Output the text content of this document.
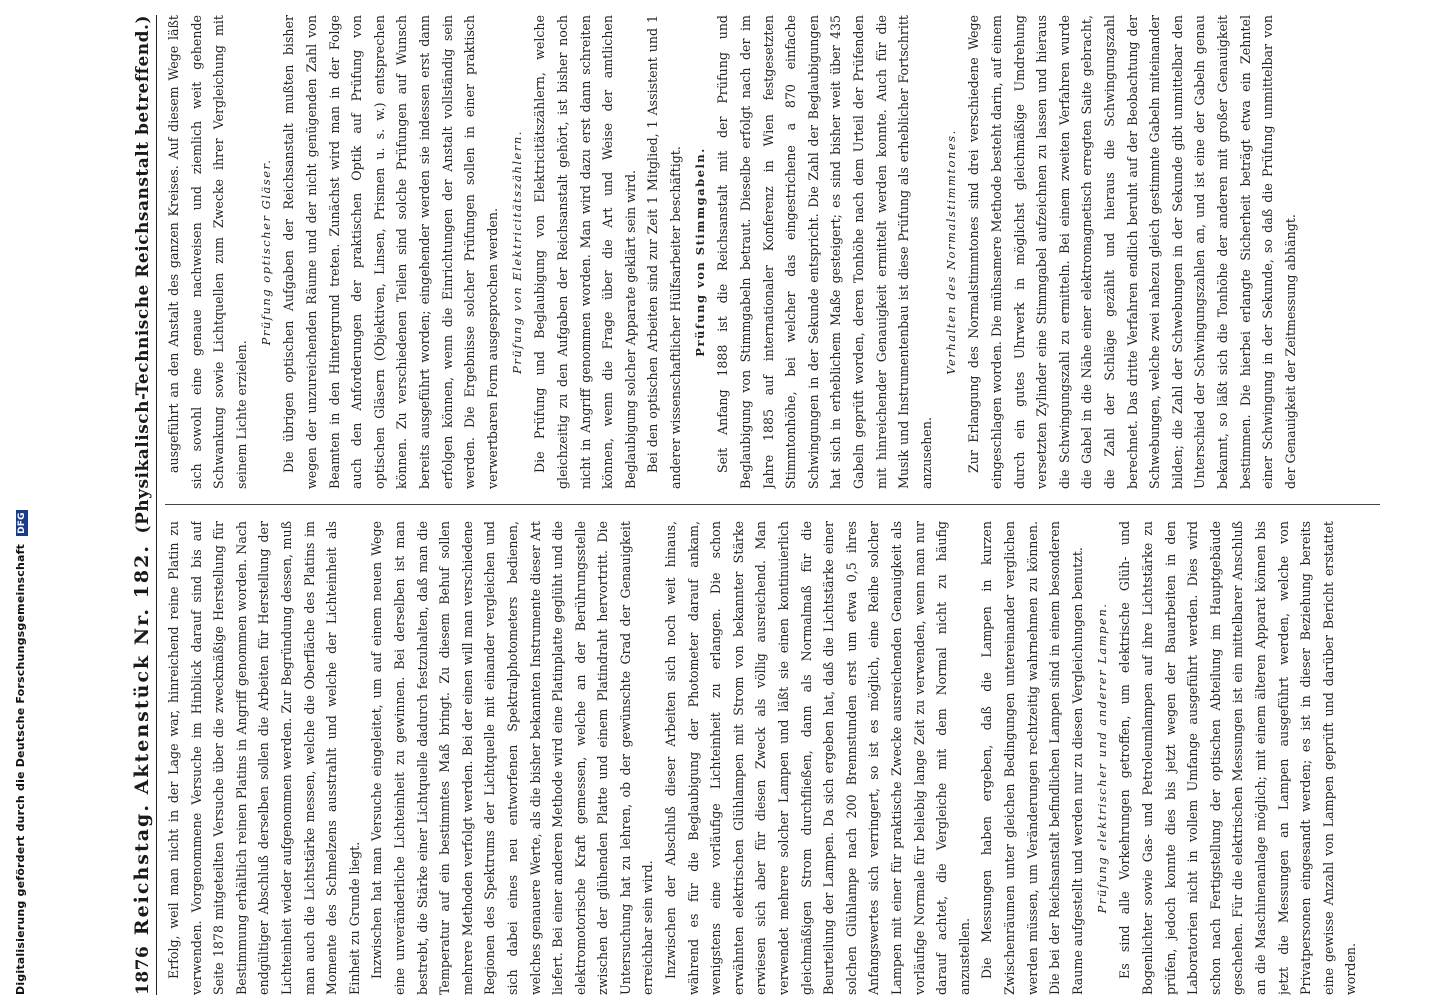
1876
Reichstag. Aktenstück Nr. 182.
(Physikalisch-Technische Reichsanstalt betreffend.)

Erfolg, weil man nicht in der Lage war, hinreichend reine Platin zu verwenden. Vorgenommene Versuche im Hinblick darauf sind bis auf Seite 1878 mitgeteilten Versuche über die zweckmäßige Herstellung für Bestimmung erhältlich reinen Platins in Angriff genommen worden. Nach endgültiger Abschluß derselben sollen die Arbeiten für Herstellung der Lichteinheit wieder aufgenommen werden. Zur Begründung dessen, muß man auch die Lichtstärke messen, welche die Oberfläche des Platins im Momente des Schmelzens ausstrahlt und welche der Lichteinheit als Einheit zu Grunde liegt. Inzwischen hat man Versuche eingeleitet, um auf einem neuen Wege eine unveränderliche Lichteinheit zu gewinnen. Bei derselben ist man bestrebt, die Stärke einer Lichtquelle dadurch festzuhalten, daß man die Temperatur auf ein bestimmtes Maß bringt. Zu diesem Behuf sollen mehrere Methoden verfolgt werden. Bei der einen will man verschiedene Regionen des Spektrums der Lichtquelle mit einander vergleichen und sich dabei eines neu entworfenen Spektralphotometers bedienen, welches genauere Werte, als die bisher bekannten Instrumente dieser Art liefert. Bei einer anderen Methode wird eine Platinplatte geglüht und die elektromotorische Kraft gemessen, welche an der Berührungsstelle zwischen der glühenden Platte und einem Platindraht hervortritt. Die Untersuchung hat zu lehren, ob der gewünschte Grad der Genauigkeit erreichbar sein wird. Inzwischen der Abschluß dieser Arbeiten sich noch weit hinaus, während es für die Beglaubigung der Photometer darauf ankam, wenigstens eine vorläufige Lichteinheit zu erlangen. Die schon erwähnten elektrischen Glühlampen mit Strom von bekannter Stärke erwiesen sich aber für diesen Zweck als völlig ausreichend. Man verwendet mehrere solcher Lampen und läßt sie einen kontinuierlich gleichmäßigen Strom durchfließen, dann als Normalmaß für die Beurteilung der Lampen. Da sich ergeben hat, daß die Lichtstärke einer solchen Glühlampe nach 200 Brennstunden erst um etwa 0,5 ihres Anfangswertes sich verringert, so ist es möglich, eine Reihe solcher Lampen mit einer für praktische Zwecke ausreichenden Genauigkeit als vorläufige Normale für beliebig lange Zeit zu verwenden, wenn man nur darauf achtet, die Vergleiche mit dem Normal nicht zu häufig anzustellen. Die Messungen haben ergeben, daß die Lampen in kurzen Zwischenräumen unter gleichen Bedingungen untereinander verglichen werden müssen, um Veränderungen rechtzeitig wahrnehmen zu können. Die bei der Reichsanstalt befindlichen Lampen sind in einem besonderen Raume aufgestellt und werden nur zu diesen Vergleichungen benutzt. Prüfung elektrischer und anderer Lampen. Es sind alle Vorkehrungen getroffen, um elektrische Glüh- und Bogenlichter sowie Gas- und Petroleumlampen auf ihre Lichtstärke zu prüfen, jedoch konnte dies bis jetzt wegen der Bauarbeiten in den Laboratorien nicht in vollem Umfange ausgeführt werden. Dies wird schon nach Fertigstellung der optischen Abteilung im Hauptgebäude geschehen. Für die elektrischen Messungen ist ein mittelbarer Anschluß an die Maschinenanlage möglich; mit einem älteren Apparat können bis jetzt die Messungen an Lampen ausgeführt werden, welche von Privatpersonen eingesandt werden; es ist in dieser Beziehung bereits eine gewisse Anzahl von Lampen geprüft und darüber Bericht erstattet worden.

ausgeführt an den Anstalt des ganzen Kreises. Auf diesem Wege läßt sich sowohl eine genaue nachweisen und ziemlich weit gehende Schwankung sowie Lichtquellen zum Zwecke ihrer Vergleichung mit seinem Lichte erzielen.

Prüfung optischer Gläser. Die übrigen optischen Aufgaben der Reichsanstalt mußten bisher wegen der unzureichenden Räume und der nicht genügenden Zahl von Beamten in den Hintergrund treten. Zunächst wird man in der Folge auch den Anforderungen der praktischen Optik auf Prüfung von optischen Gläsern (Objektiven, Linsen, Prismen u. s. w.) entsprechen können. Zu verschiedenen Teilen sind solche Prüfungen auf Wunsch bereits ausgeführt worden; eingehender werden sie indessen erst dann erfolgen können, wenn die Einrichtungen der Anstalt vollständig sein werden. Die Ergebnisse solcher Prüfungen sollen in einer praktisch verwertbaren Form ausgesprochen werden. Prüfung von Elektricitätszählern. Die Prüfung und Beglaubigung von Elektricitätszählern, welche gleichzeitig zu den Aufgaben der Reichsanstalt gehört, ist bisher noch nicht in Angriff genommen worden. Man wird dazu erst dann schreiten können, wenn die Frage über die Art und Weise der amtlichen Beglaubigung solcher Apparate geklärt sein wird. Bei den optischen Arbeiten sind zur Zeit 1 Mitglied, 1 Assistent und 1 anderer wissenschaftlicher Hülfsarbeiter beschäftigt. Prüfung von Stimmgabeln. Seit Anfang 1888 ist die Reichsanstalt mit der Prüfung und Beglaubigung von Stimmgabeln betraut. Dieselbe erfolgt nach der im Jahre 1885 auf internationaler Konferenz in Wien festgesetzten Stimmtonhöhe, bei welcher das eingestrichene a 870 einfache Schwingungen in der Sekunde entspricht. Die Zahl der Beglaubigungen hat sich in erheblichem Maße gesteigert; es sind bisher weit über 435 Gabeln geprüft worden, deren Tonhöhe nach dem Urteil der Prüfenden mit hinreichender Genauigkeit ermittelt werden konnte. Auch für die Musik und Instrumentenbau ist diese Prüfung als erheblicher Fortschritt anzusehen.

Verhalten des Normalstimmtones. Zur Erlangung des Normalstimmtones sind drei verschiedene Wege eingeschlagen worden. Die mühsamere Methode besteht darin, auf einem durch ein gutes Uhrwerk in möglichst gleichmäßige Umdrehung versetzten Zylinder eine Stimmgabel aufzeichnen zu lassen und hieraus die Schwingungszahl zu ermitteln. Bei einem zweiten Verfahren wurde die Gabel in die Nähe einer elektromagnetisch erregten Saite gebracht, die Zahl der Schläge gezählt und hieraus die Schwingungszahl berechnet. Das dritte Verfahren endlich beruht auf der Beobachtung der Schwebungen, welche zwei nahezu gleich gestimmte Gabeln miteinander bilden; die Zahl der Schwebungen in der Sekunde gibt unmittelbar den Unterschied der Schwingungszahlen an, und ist eine der Gabeln genau bekannt, so läßt sich die Tonhöhe der anderen mit großer Genauigkeit bestimmen. Die hierbei erlangte Sicherheit beträgt etwa ein Zehntel einer Schwingung in der Sekunde, so daß die Prüfung unmittelbar von der Genauigkeit der Zeitmessung abhängt.

Digitalisierung gefördert durch die Deutsche Forschungsgemeinschaft DFG
